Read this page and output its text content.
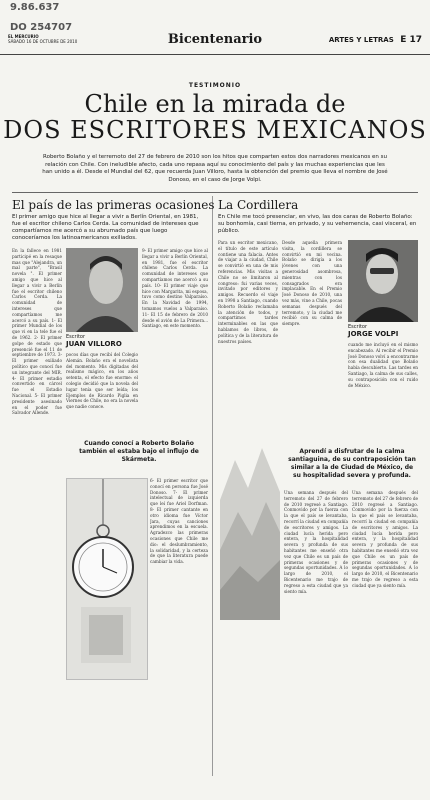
9.86.637
DO 254707
EL MERCURIO
SÁBADO 16 DE OCTUBRE DE 2010	Bicentenario	ARTES Y LETRAS E 17
TESTIMONIO
Chile en la mirada de
DOS ESCRITORES MEXICANOS
Roberto Bolaño y el terremoto del 27 de febrero de 2010 son los hitos que comparten estos dos narradores mexicanos en su relación con Chile. Con ineludible afecto, cada uno repasa aquí su conocimiento del país y las muchas experiencias que les han unido a él. Desde el Mundial del 62, que recuerda Juan Villoro, hasta la obtención del premio que lleva el nombre de José Donoso, en el caso de Jorge Volpi.
El país de las primeras ocasiones
El primer amigo que hice al llegar a vivir a Berlín Oriental, en 1981, fue el escritor chileno Carlos Cerda. La comunidad de intereses que compartíamos me acercó a su abrumado país que luego conoceríamos los latinoamericanos exiliados.

En la fallece en 1981 participé en la resaque mas que "Alejandra, un mal parte", "Brasil novela ". El primer amigo que hice al llegar a vivir a Berlín fue el escritor chileno Carlos Cerda. La comunidad de intereses que compartíamos me acercó a su país. 1- El primer Mundial de los que vi en la tele fue el de 1962. 2- El primer golpe de estado que presencié fue el 11 de septiembre de 1973. 3- El primer exiliado político que conocí fue un integrante del MIR. 4- El primer estadio convertido en cárcel fue el Estadio Nacional. 5- El primer presidente asesinado en el poder fue Salvador Allende.

Escritor
JUAN VILLORO

pocos días que recibí del Colegio Alemán. Bolaño era el novelista del momento. Mis digitadas del realismo mágico, en los años setenta, el efecto fue enorme: el colegio decidió que la novela del lugar tenía que ser leída; los Ejemplos de Ricardo Piglia en Viernes de Chile, no era la novela que nadie conoce.

9- El primer amigo que hice al llegar a vivir a Berlín Oriental, en 1981, fue el escritor chileno Carlos Cerda. La comunidad de intereses que compartíamos me acercó a su país. 10- El primer viaje que hice con Margarita, mi esposa, tuvo como destino Valparaíso. En la Navidad de 1994, tomamos vuelos a Valparaíso. 11- El 15 de febrero de 2010 desde el avión de La Primera... Santiago, en este momento.

Cuando conocí a Roberto Bolaño también el estaba bajo el influjo de Skármeta.

6- El primer escritor que conocí en persona fue José Donoso. 7- El primer intelectual de izquierda que leí fue Ariel Dorfman. 8- El primer cantante en otro idioma fue Víctor Jara, cuyas canciones aprendimos en la escuela. Agradezco las primeras ocasiones que Chile me dio: el deslumbramiento, la solidaridad, y la certeza de que la literatura puede cambiar la vida.

La Cordillera
En Chile me tocó presenciar, en vivo, las dos caras de Roberto Bolaño: su bonhomía, casi tierna, en privado, y su vehemencia, casi visceral, en público.

Para un escritor mexicano, el título de este artículo contiene una falacia. Antes de viajar a la ciudad, Chile se convirtió en una de mis referencias. Mis visitas a Chile no se limitaron al congreso: fui varias veces, invitado por editores y amigos. Recuerdo el viaje en 1998 a Santiago, cuando Roberto Bolaño reclamaba la atención de todos, y compartimos tardes interminables en las que hablamos de libros, de política y de la literatura de nuestros países.

Desde aquella primera visita, la cordillera se convirtió en mi vecina. Bolaño se dirigía a los jóvenes con una generosidad asombrosa, mientras con los consagrados era implacable. En el Premio José Donoso de 2010, una vez más, vine a Chile, pocas semanas después del terremoto, y la ciudad me recibió con su calma de siempre.

Escritor
JORGE VOLPI

cuando me incluyó en el mismo encabezado. Al recibir el Premio José Donoso volví a encontrarme con esa dualidad que Bolaño había descubierto. Las tardes en Santiago, la calma de sus calles, su contraposición con el ruido de México.

Aprendí a disfrutar de la calma santiaguina, de su contraposición tan similar a la de Ciudad de México, de su hospitalidad severa y profunda.

Una semana después del terremoto del 27 de febrero de 2010 regresé a Santiago. Conmovido por la fuerza con la que el país se levantaba, recorrí la ciudad en compañía de escritores y amigos. La ciudad lucía herida pero entera, y la hospitalidad severa y profunda de sus habitantes me enseñó otra vez que Chile es un país de primeras ocasiones y de segundas oportunidades. A lo largo de 2010, el Bicentenario me trajo de regreso a esta ciudad que ya siento mía.

Una semana después del terremoto del 27 de febrero de 2010 regresé a Santiago. Conmovido por la fuerza con la que el país se levantaba, recorrí la ciudad en compañía de escritores y amigos. La ciudad lucía herida pero entera, y la hospitalidad severa y profunda de sus habitantes me enseñó otra vez que Chile es un país de primeras ocasiones y de segundas oportunidades. A lo largo de 2010, el Bicentenario me trajo de regreso a esta ciudad que ya siento mía.
